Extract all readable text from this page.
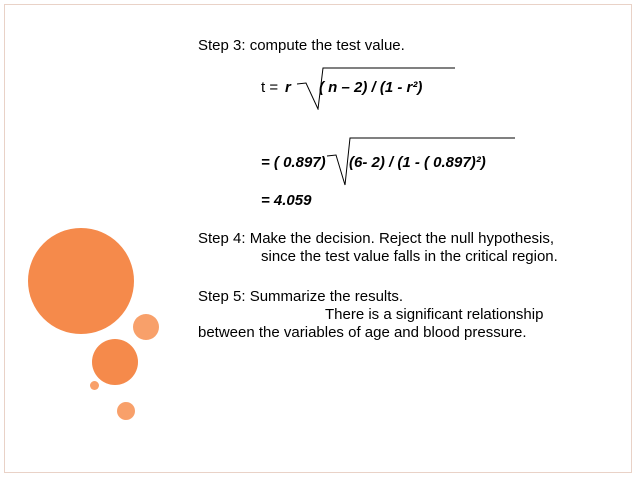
Step 3: compute the test value.
t = r ( n – 2) / (1 - r²)
= ( 0.897) (6- 2) / (1 - ( 0.897)²)
= 4.059
Step 4: Make the decision. Reject the null hypothesis,
since the test value falls in the critical region.
Step 5: Summarize the results.
There is a significant relationship
between the variables of age and blood pressure.
